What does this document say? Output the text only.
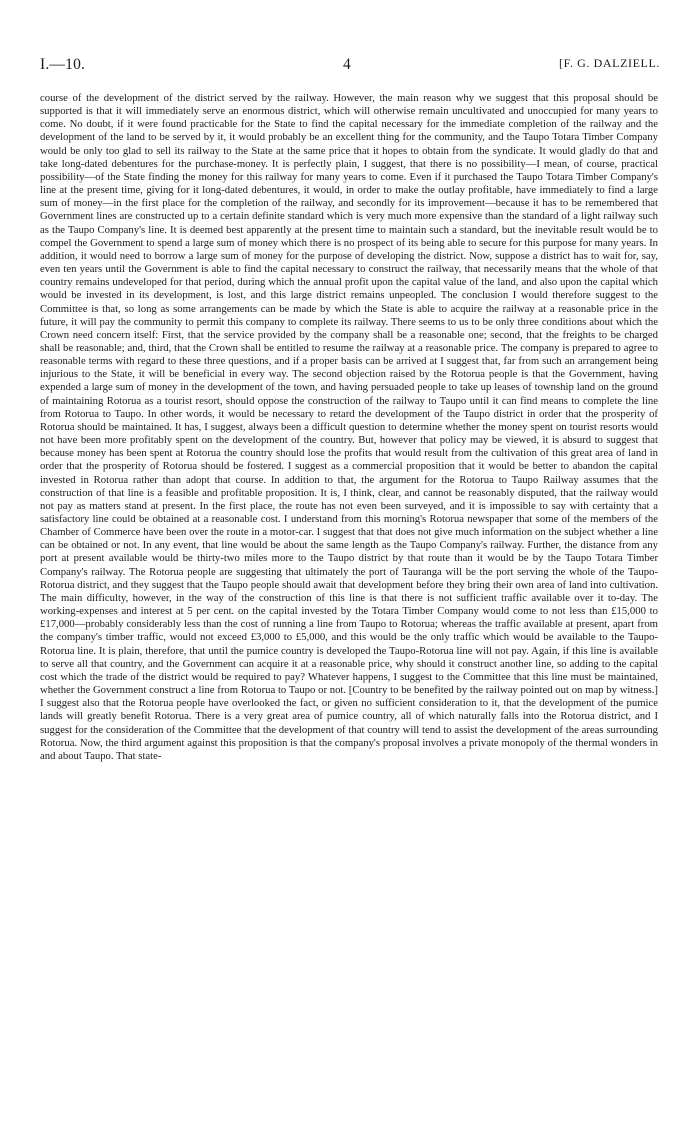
I.—10.	4	[F. G. DALZIELL.
course of the development of the district served by the railway. However, the main reason why we suggest that this proposal should be supported is that it will immediately serve an enormous district, which will otherwise remain uncultivated and unoccupied for many years to come. No doubt, if it were found practicable for the State to find the capital necessary for the immediate completion of the railway and the development of the land to be served by it, it would probably be an excellent thing for the community, and the Taupo Totara Timber Company would be only too glad to sell its railway to the State at the same price that it hopes to obtain from the syndicate. It would gladly do that and take long-dated debentures for the purchase-money. It is perfectly plain, I suggest, that there is no possibility—I mean, of course, practical possibility—of the State finding the money for this railway for many years to come. Even if it purchased the Taupo Totara Timber Company's line at the present time, giving for it long-dated debentures, it would, in order to make the outlay profitable, have immediately to find a large sum of money—in the first place for the completion of the railway, and secondly for its improvement—because it has to be remembered that Government lines are constructed up to a certain definite standard which is very much more expensive than the standard of a light railway such as the Taupo Company's line. It is deemed best apparently at the present time to maintain such a standard, but the inevitable result would be to compel the Government to spend a large sum of money which there is no prospect of its being able to secure for this purpose for many years. In addition, it would need to borrow a large sum of money for the purpose of developing the district. Now, suppose a district has to wait for, say, even ten years until the Government is able to find the capital necessary to construct the railway, that necessarily means that the whole of that country remains undeveloped for that period, during which the annual profit upon the capital value of the land, and also upon the capital which would be invested in its development, is lost, and this large district remains unpeopled. The conclusion I would therefore suggest to the Committee is that, so long as some arrangements can be made by which the State is able to acquire the railway at a reasonable price in the future, it will pay the community to permit this company to complete its railway. There seems to us to be only three conditions about which the Crown need concern itself: First, that the service provided by the company shall be a reasonable one; second, that the freights to be charged shall be reasonable; and, third, that the Crown shall be entitled to resume the railway at a reasonable price. The company is prepared to agree to reasonable terms with regard to these three questions, and if a proper basis can be arrived at I suggest that, far from such an arrangement being injurious to the State, it will be beneficial in every way. The second objection raised by the Rotorua people is that the Government, having expended a large sum of money in the development of the town, and having persuaded people to take up leases of township land on the ground of maintaining Rotorua as a tourist resort, should oppose the construction of the railway to Taupo until it can find means to complete the line from Rotorua to Taupo. In other words, it would be necessary to retard the development of the Taupo district in order that the prosperity of Rotorua should be maintained. It has, I suggest, always been a difficult question to determine whether the money spent on tourist resorts would not have been more profitably spent on the development of the country. But, however that policy may be viewed, it is absurd to suggest that because money has been spent at Rotorua the country should lose the profits that would result from the cultivation of this great area of land in order that the prosperity of Rotorua should be fostered. I suggest as a commercial proposition that it would be better to abandon the capital invested in Rotorua rather than adopt that course. In addition to that, the argument for the Rotorua to Taupo Railway assumes that the construction of that line is a feasible and profitable proposition. It is, I think, clear, and cannot be reasonably disputed, that the railway would not pay as matters stand at present. In the first place, the route has not even been surveyed, and it is impossible to say with certainty that a satisfactory line could be obtained at a reasonable cost. I understand from this morning's Rotorua newspaper that some of the members of the Chamber of Commerce have been over the route in a motor-car. I suggest that that does not give much information on the subject whether a line can be obtained or not. In any event, that line would be about the same length as the Taupo Company's railway. Further, the distance from any port at present available would be thirty-two miles more to the Taupo district by that route than it would be by the Taupo Totara Timber Company's railway. The Rotorua people are suggesting that ultimately the port of Tauranga will be the port serving the whole of the Taupo-Rotorua district, and they suggest that the Taupo people should await that development before they bring their own area of land into cultivation. The main difficulty, however, in the way of the construction of this line is that there is not sufficient traffic available over it to-day. The working-expenses and interest at 5 per cent. on the capital invested by the Totara Timber Company would come to not less than £15,000 to £17,000—probably considerably less than the cost of running a line from Taupo to Rotorua; whereas the traffic available at present, apart from the company's timber traffic, would not exceed £3,000 to £5,000, and this would be the only traffic which would be available to the Taupo-Rotorua line. It is plain, therefore, that until the pumice country is developed the Taupo-Rotorua line will not pay. Again, if this line is available to serve all that country, and the Government can acquire it at a reasonable price, why should it construct another line, so adding to the capital cost which the trade of the district would be required to pay? Whatever happens, I suggest to the Committee that this line must be maintained, whether the Government construct a line from Rotorua to Taupo or not. [Country to be benefited by the railway pointed out on map by witness.] I suggest also that the Rotorua people have overlooked the fact, or given no sufficient consideration to it, that the development of the pumice lands will greatly benefit Rotorua. There is a very great area of pumice country, all of which naturally falls into the Rotorua district, and I suggest for the consideration of the Committee that the development of that country will tend to assist the development of the areas surrounding Rotorua. Now, the third argument against this proposition is that the company's proposal involves a private monopoly of the thermal wonders in and about Taupo. That state-
